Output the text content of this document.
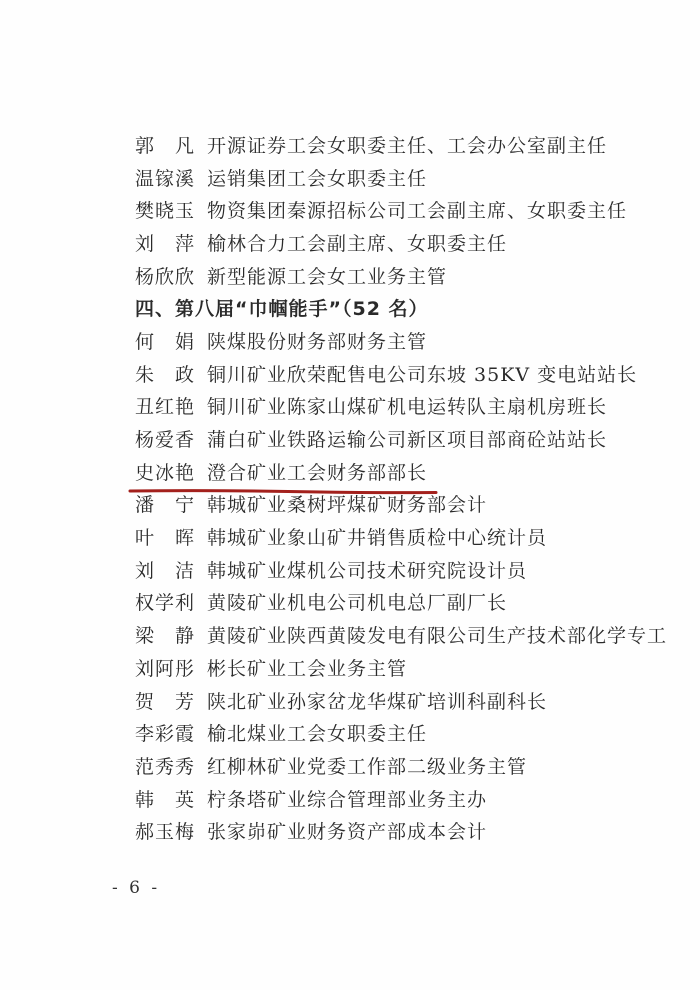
郭　凡 开源证券工会女职委主任、工会办公室副主任
温镓溪 运销集团工会女职委主任
樊晓玉 物资集团秦源招标公司工会副主席、女职委主任
刘　萍 榆林合力工会副主席、女职委主任
杨欣欣 新型能源工会女工业务主管
四、第八届“巾帼能手”（52 名）
何　娟 陕煤股份财务部财务主管
朱　政 铜川矿业欣荣配售电公司东坡 35KV 变电站站长
丑红艳 铜川矿业陈家山煤矿机电运转队主扇机房班长
杨爱香 蒲白矿业铁路运输公司新区项目部商砼站站长
史冰艳 澄合矿业工会财务部部长
潘　宁 韩城矿业桑树坪煤矿财务部会计
叶　晖 韩城矿业象山矿井销售质检中心统计员
刘　洁 韩城矿业煤机公司技术研究院设计员
权学利 黄陵矿业机电公司机电总厂副厂长
梁　静 黄陵矿业陕西黄陵发电有限公司生产技术部化学专工
刘阿彤 彬长矿业工会业务主管
贺　芳 陕北矿业孙家岔龙华煤矿培训科副科长
李彩霞 榆北煤业工会女职委主任
范秀秀 红柳林矿业党委工作部二级业务主管
韩　英 柠条塔矿业综合管理部业务主办
郝玉梅 张家峁矿业财务资产部成本会计
- 6 -
